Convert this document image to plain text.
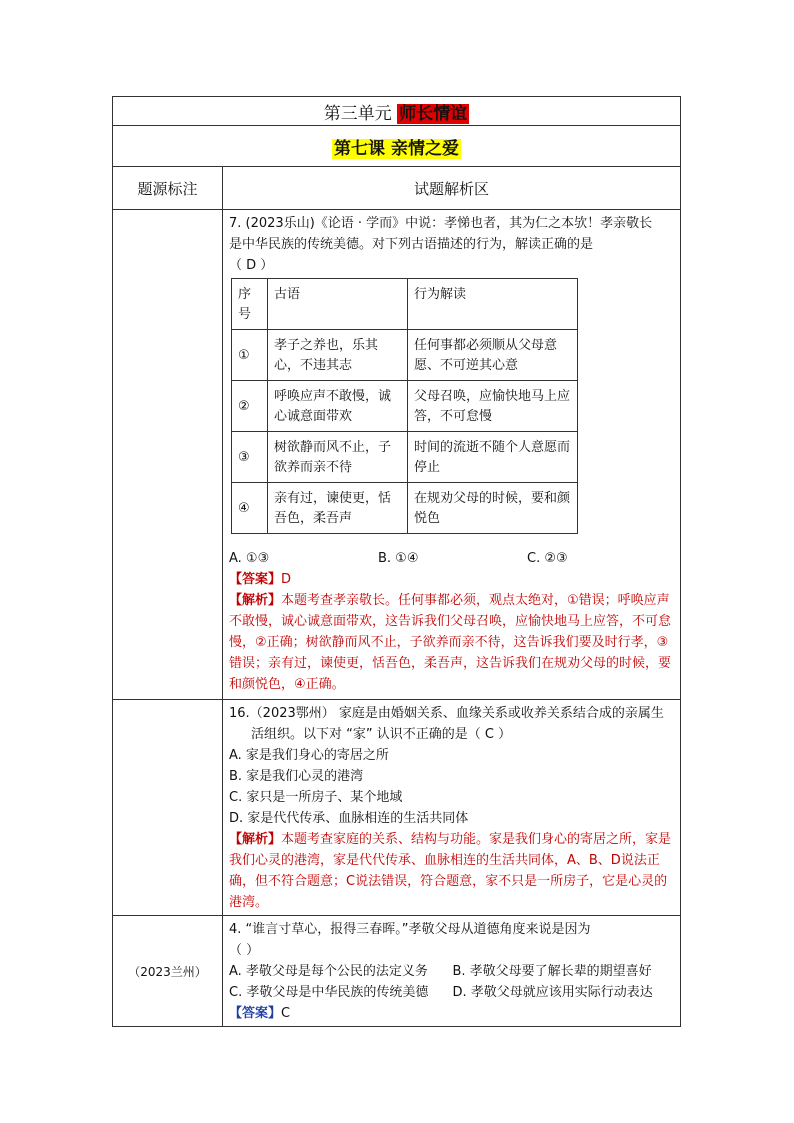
第三单元 师长情谊
第七课 亲情之爱
题源标注	试题解析区

7. (2023乐山)《论语 · 学而》中说：孝悌也者，其为仁之本欤！孝亲敬长

是中华民族的传统美德。对下列古语描述的行为，解读正确的是

（ D ）

序号	古语	行为解读
①	孝子之养也，乐其心，不违其志	任何事都必须顺从父母意愿、不可逆其心意
②	呼唤应声不敢慢，诚心诚意面带欢	父母召唤，应愉快地马上应答，不可怠慢
③	树欲静而风不止，子欲养而亲不待	时间的流逝不随个人意愿而停止
④	亲有过，谏使更，恬吾色，柔吾声	在规劝父母的时候，要和颜悦色
A. ①③	B. ①④	C. ②③

【答案】D

【解析】本题考查孝亲敬长。任何事都必须，观点太绝对，①错误；呼唤应声不敢慢，诚心诚意面带欢，这告诉我们父母召唤，应愉快地马上应答，不可怠慢，②正确；树欲静而风不止，子欲养而亲不待，这告诉我们要及时行孝，③错误；亲有过，谏使更，恬吾色，柔吾声，这告诉我们在规劝父母的时候，要和颜悦色，④正确。

16.（2023鄂州） 家庭是由婚姻关系、血缘关系或收养关系结合成的亲属生

活组织。以下对 “家” 认识不正确的是（ C ）

A. 家是我们身心的寄居之所

B. 家是我们心灵的港湾

C. 家只是一所房子、某个地域

D. 家是代代传承、血脉相连的生活共同体

【解析】本题考查家庭的关系、结构与功能。家是我们身心的寄居之所，家是我们心灵的港湾，家是代代传承、血脉相连的生活共同体，A、B、D说法正确，但不符合题意；C说法错误，符合题意，家不只是一所房子，它是心灵的港湾。

（2023兰州）	

4. “谁言寸草心，报得三春晖。”孝敬父母从道德角度来说是因为

（ ）

A. 孝敬父母是每个公民的法定义务	B. 孝敬父母要了解长辈的期望喜好
C. 孝敬父母是中华民族的传统美德	D. 孝敬父母就应该用实际行动表达

【答案】C
